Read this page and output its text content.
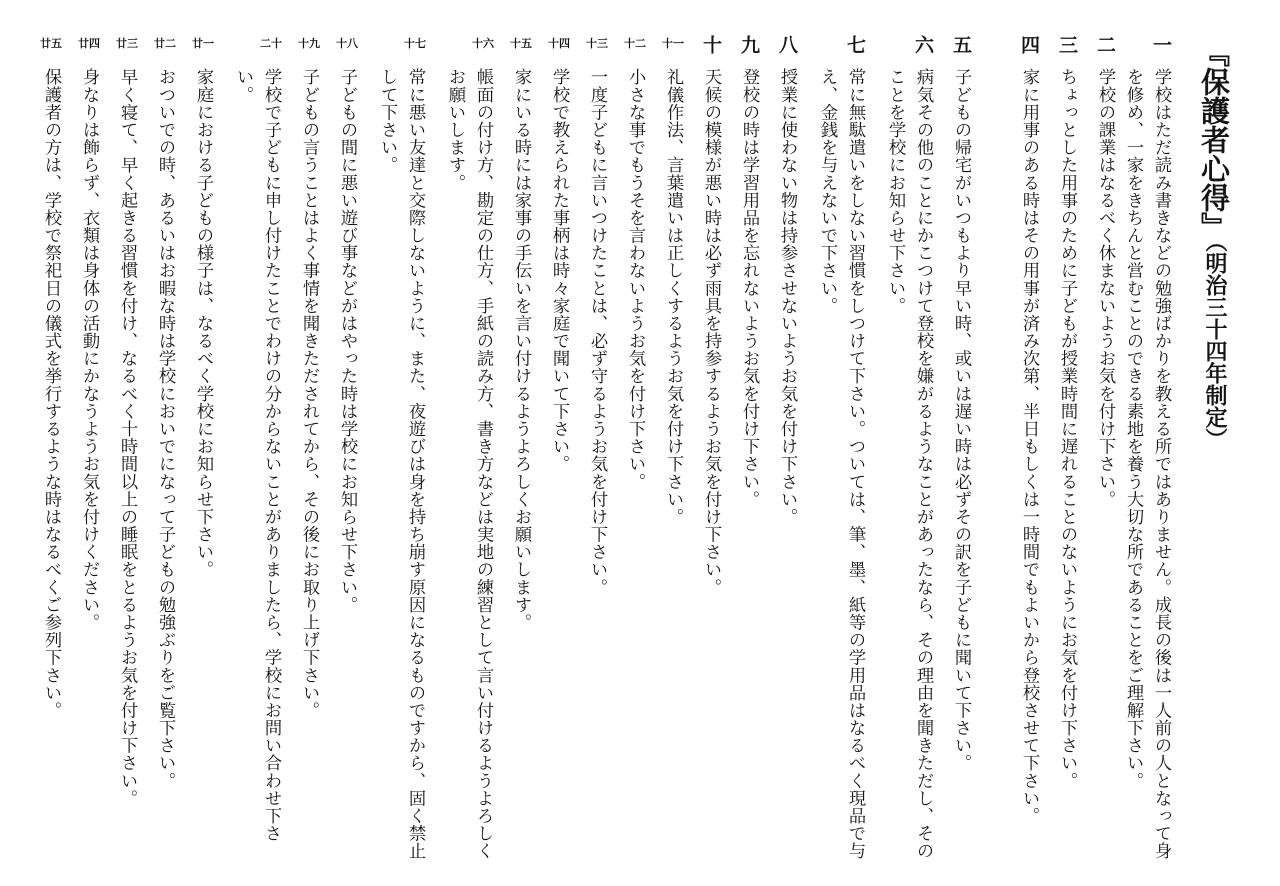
『保護者心得』（明治三十四年制定）
一
学校はただ読み書きなどの勉強ばかりを教える所ではありません。成長の後は一人前の人となって身を修め、一家をきちんと営むことのできる素地を養う大切な所であることをご理解下さい。
二
学校の課業はなるべく休まないようお気を付け下さい。
三
ちょっとした用事のために子どもが授業時間に遅れることのないようにお気を付け下さい。
四
家に用事のある時はその用事が済み次第、半日もしくは一時間でもよいから登校させて下さい。
五
子どもの帰宅がいつもより早い時、或いは遅い時は必ずその訳を子どもに聞いて下さい。
六
病気その他のことにかこつけて登校を嫌がるようなことがあったなら、その理由を聞きただし、そのことを学校にお知らせ下さい。
七
常に無駄遣いをしない習慣をしつけて下さい。ついては、筆、墨、紙等の学用品はなるべく現品で与え、金銭を与えないで下さい。
八
授業に使わない物は持参させないようお気を付け下さい。
九
登校の時は学習用品を忘れないようお気を付け下さい。
十
天候の模様が悪い時は必ず雨具を持参するようお気を付け下さい。
十一
礼儀作法、言葉遣いは正しくするようお気を付け下さい。
十二
小さな事でもうそを言わないようお気を付け下さい。
十三
一度子どもに言いつけたことは、必ず守るようお気を付け下さい。
十四
学校で教えられた事柄は時々家庭で聞いて下さい。
十五
家にいる時には家事の手伝いを言い付けるようよろしくお願いします。
十六
帳面の付け方、勘定の仕方、手紙の読み方、書き方などは実地の練習として言い付けるようよろしくお願いします。
十七
常に悪い友達と交際しないように、また、夜遊びは身を持ち崩す原因になるものですから、固く禁止して下さい。
十八
子どもの間に悪い遊び事などがはやった時は学校にお知らせ下さい。
十九
子どもの言うことはよく事情を聞きただされてから、その後にお取り上げ下さい。
二十
学校で子どもに申し付けたことでわけの分からないことがありましたら、学校にお問い合わせ下さい。
廿一
家庭における子どもの様子は、なるべく学校にお知らせ下さい。
廿二
おついでの時、あるいはお暇な時は学校においでになって子どもの勉強ぶりをご覧下さい。
廿三
早く寝て、早く起きる習慣を付け、なるべく十時間以上の睡眠をとるようお気を付け下さい。
廿四
身なりは飾らず、衣類は身体の活動にかなうようお気を付けください。
廿五
保護者の方は、学校で祭祀日の儀式を挙行するような時はなるべくご参列下さい。
